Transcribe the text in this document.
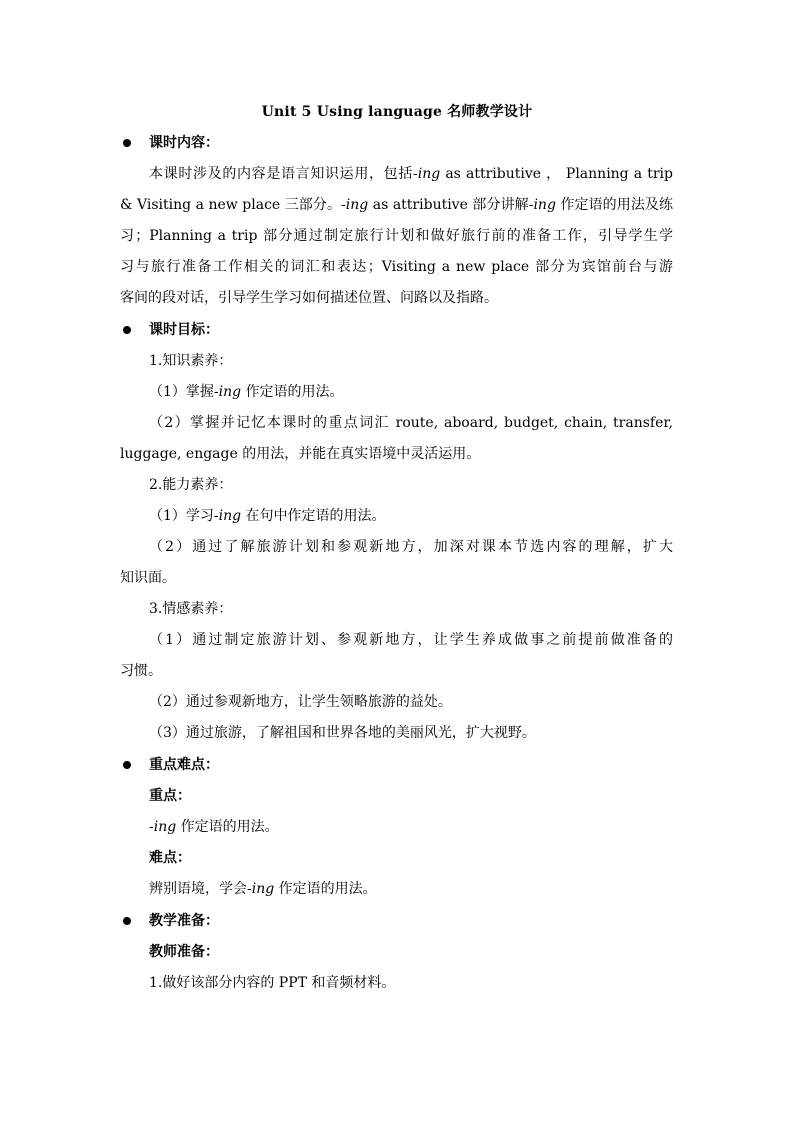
Unit 5 Using language 名师教学设计
课时内容：
本课时涉及的内容是语言知识运用，包括-ing as attributive ， Planning a trip
& Visiting a new place 三部分。-ing as attributive 部分讲解-ing 作定语的用法及练
习；Planning a trip 部分通过制定旅行计划和做好旅行前的准备工作，引导学生学
习与旅行准备工作相关的词汇和表达；Visiting a new place 部分为宾馆前台与游
客间的段对话，引导学生学习如何描述位置、问路以及指路。
课时目标：
1.知识素养：
（1）掌握-ing 作定语的用法。
（2）掌握并记忆本课时的重点词汇 route, aboard, budget, chain, transfer,
luggage, engage 的用法，并能在真实语境中灵活运用。
2.能力素养：
（1）学习-ing 在句中作定语的用法。
（2）通过了解旅游计划和参观新地方，加深对课本节选内容的理解，扩大
知识面。
3.情感素养：
（1）通过制定旅游计划、参观新地方，让学生养成做事之前提前做准备的
习惯。
（2）通过参观新地方，让学生领略旅游的益处。
（3）通过旅游，了解祖国和世界各地的美丽风光，扩大视野。
重点难点：
重点：
-ing 作定语的用法。
难点：
辨别语境，学会-ing 作定语的用法。
教学准备：
教师准备：
1.做好该部分内容的 PPT 和音频材料。
